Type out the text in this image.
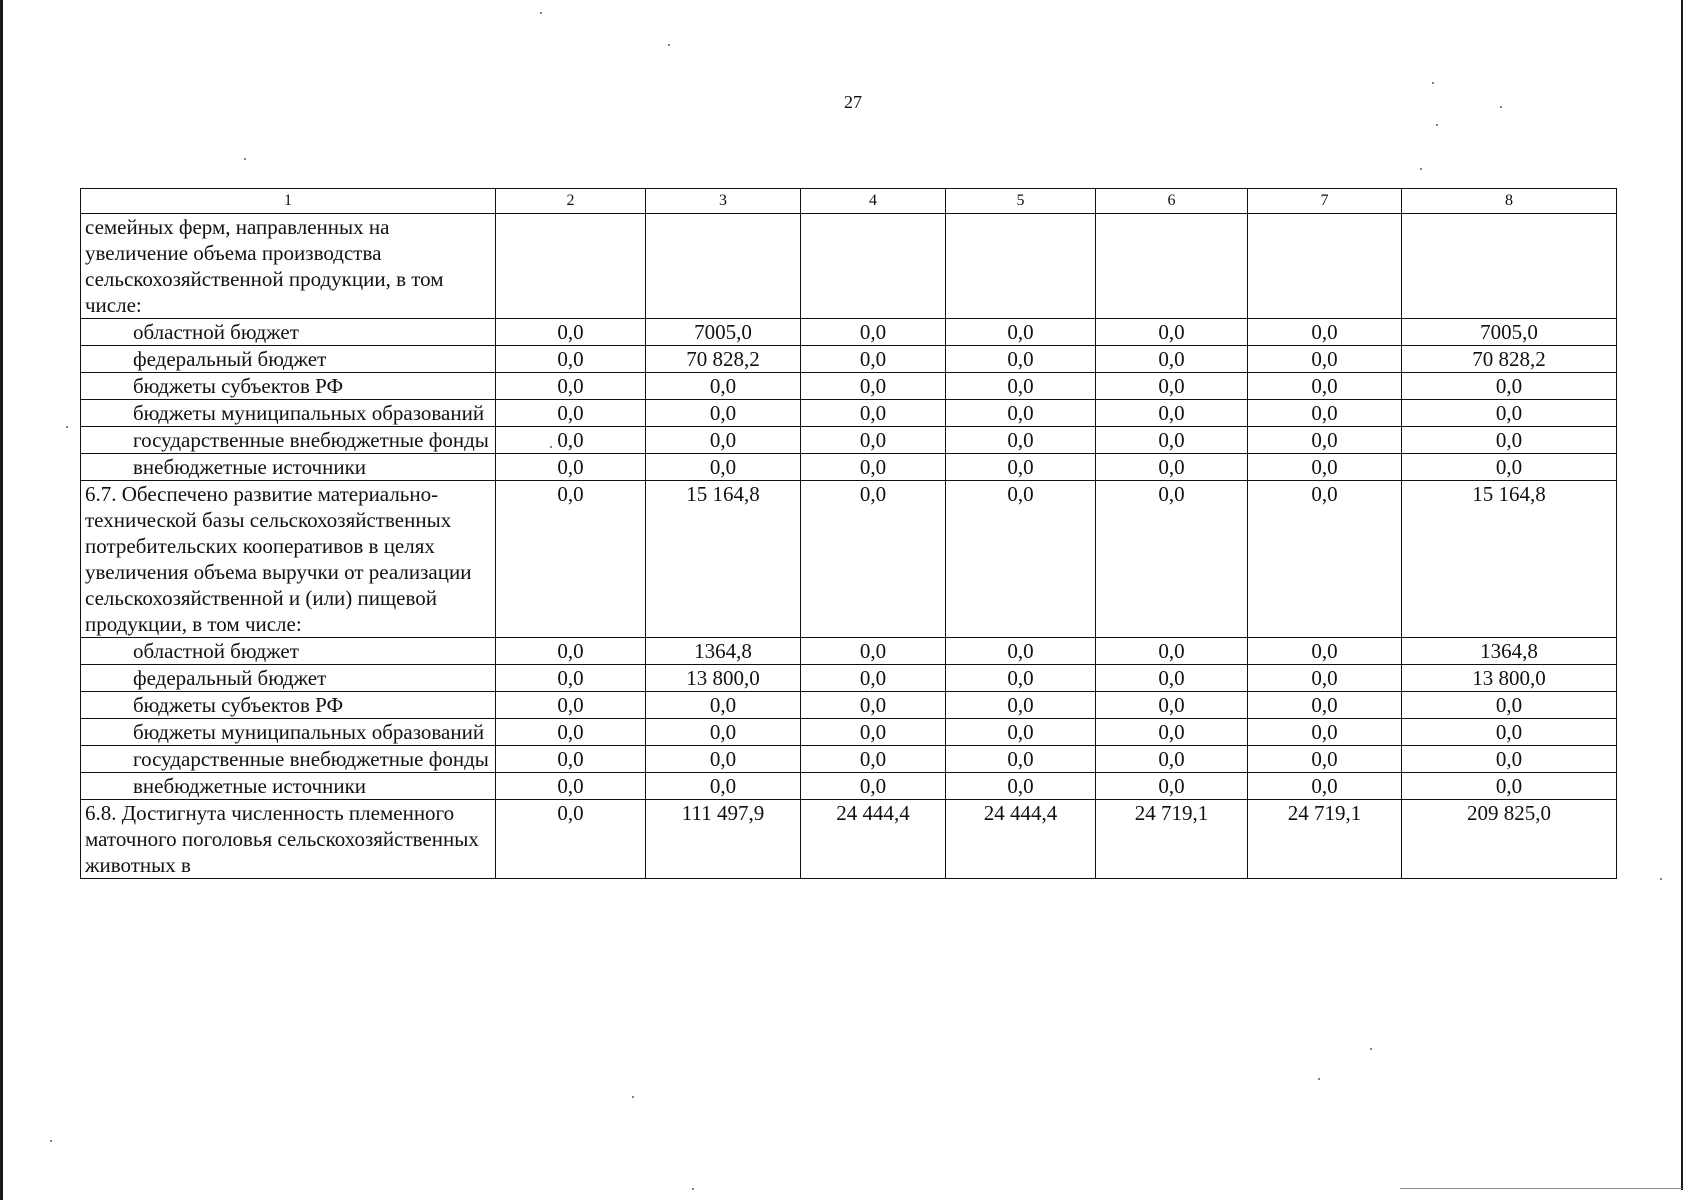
27
1	2	3	4	5	6	7	8
семейных ферм, направленных на увеличение объема производства сельскохозяйственной продукции, в том числе:							
областной бюджет	0,0	7005,0	0,0	0,0	0,0	0,0	7005,0
федеральный бюджет	0,0	70 828,2	0,0	0,0	0,0	0,0	70 828,2
бюджеты субъектов РФ	0,0	0,0	0,0	0,0	0,0	0,0	0,0
бюджеты муниципальных образований	0,0	0,0	0,0	0,0	0,0	0,0	0,0
государственные внебюджетные фонды	0,0	0,0	0,0	0,0	0,0	0,0	0,0
внебюджетные источники	0,0	0,0	0,0	0,0	0,0	0,0	0,0
6.7. Обеспечено развитие материально-технической базы сельскохозяйственных потребительских кооперативов в целях увеличения объема выручки от реализации сельскохозяйственной и (или) пищевой продукции, в том числе:	0,0	15 164,8	0,0	0,0	0,0	0,0	15 164,8
областной бюджет	0,0	1364,8	0,0	0,0	0,0	0,0	1364,8
федеральный бюджет	0,0	13 800,0	0,0	0,0	0,0	0,0	13 800,0
бюджеты субъектов РФ	0,0	0,0	0,0	0,0	0,0	0,0	0,0
бюджеты муниципальных образований	0,0	0,0	0,0	0,0	0,0	0,0	0,0
государственные внебюджетные фонды	0,0	0,0	0,0	0,0	0,0	0,0	0,0
внебюджетные источники	0,0	0,0	0,0	0,0	0,0	0,0	0,0
6.8. Достигнута численность племенного маточного поголовья сельскохозяйственных животных в	0,0	111 497,9	24 444,4	24 444,4	24 719,1	24 719,1	209 825,0
